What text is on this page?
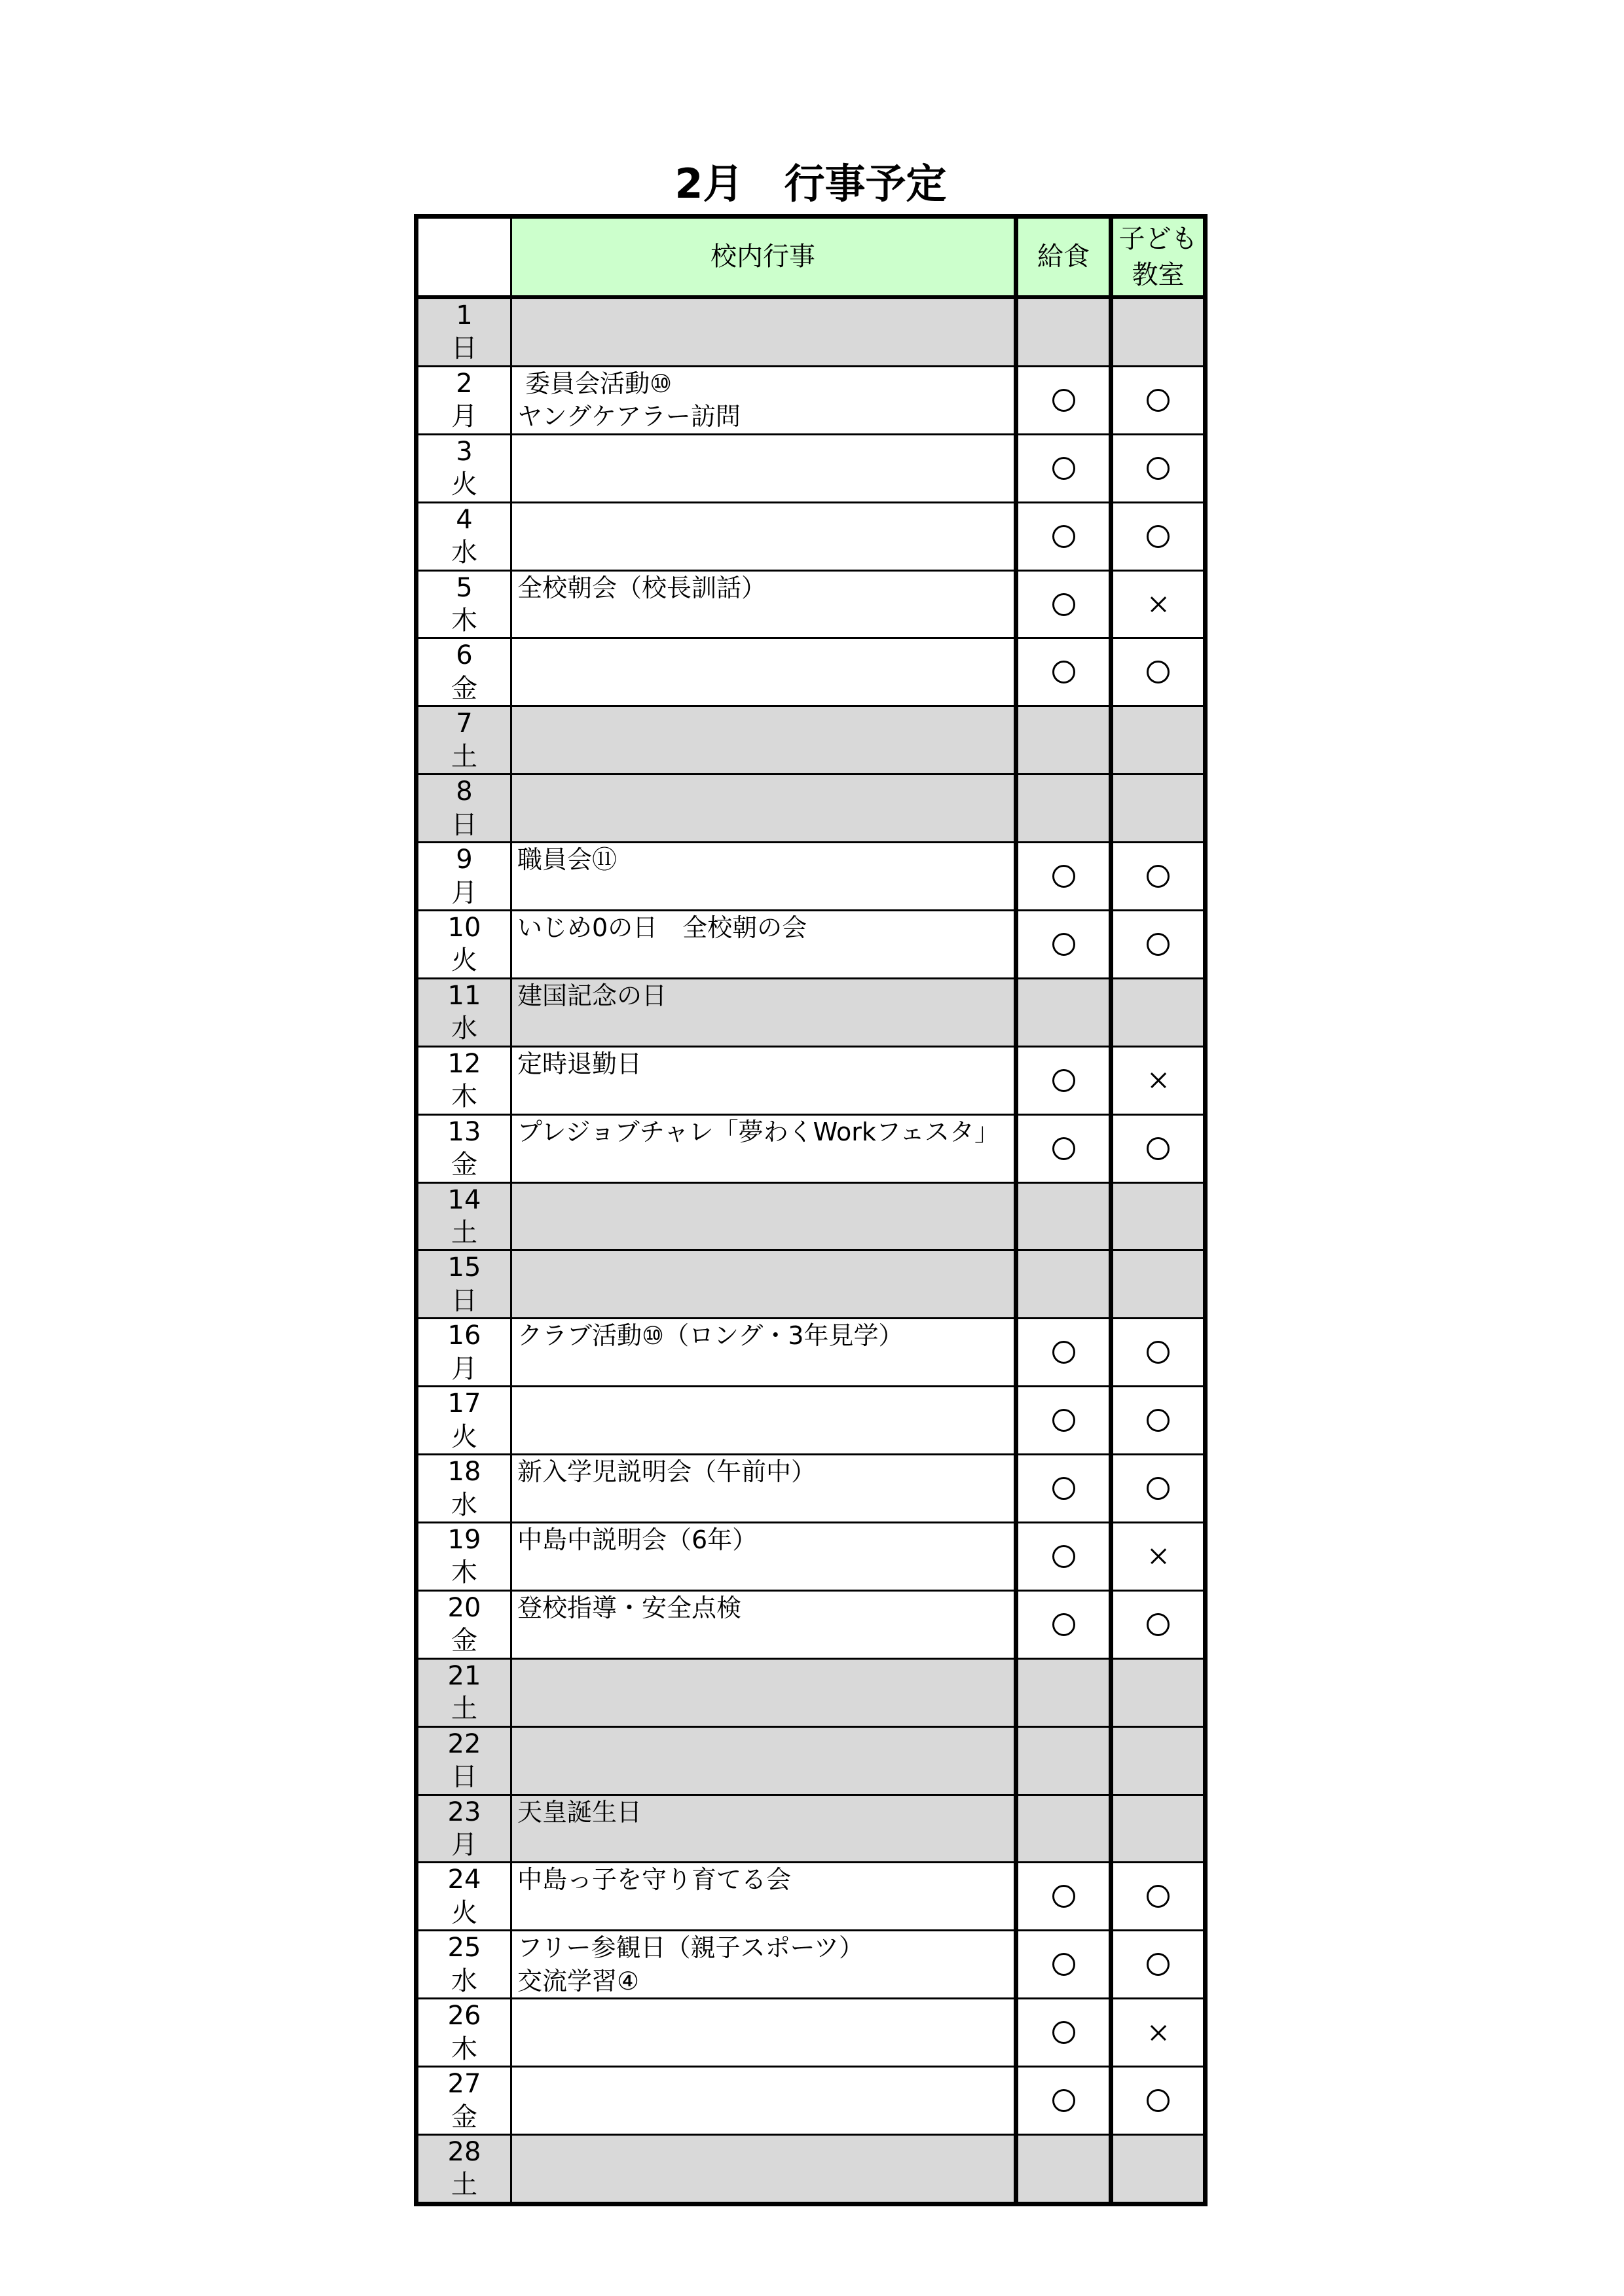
2月　行事予定
校内行事	給食
子ども
教室
1
日
2
月
委員会活動⑩
ヤングケアラー訪問
3
火
4
水
5
木
全校朝会（校長訓話）
6
金
7
土
8
日
9
月
職員会⑪
10
火
いじめ0の日　全校朝の会
11
水
建国記念の日
12
木
定時退勤日
13
金
プレジョブチャレ「夢わくWorkフェスタ」
14
土
15
日
16
月
クラブ活動⑩（ロング・3年見学）
17
火
18
水
新入学児説明会（午前中）
19
木
中島中説明会（6年）
20
金
登校指導・安全点検
21
土
22
日
23
月
天皇誕生日
24
火
中島っ子を守り育てる会
25
水
フリー参観日（親子スポーツ）
交流学習④
26
木
27
金
28
土
